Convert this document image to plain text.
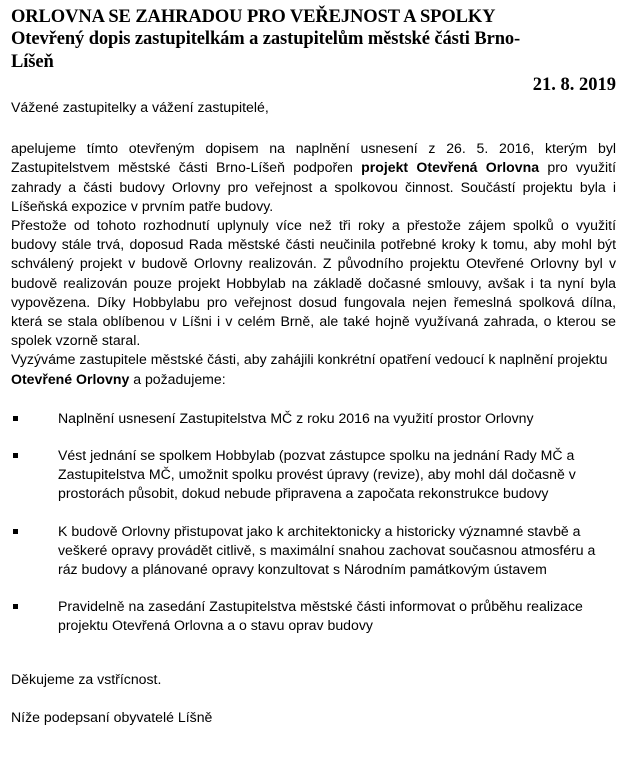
ORLOVNA SE ZAHRADOU PRO VEŘEJNOST A SPOLKY
Otevřený dopis zastupitelkám a zastupitelům městské části Brno-
Líšeň
21. 8. 2019

Vážené zastupitelky a vážení zastupitelé,

apelujeme tímto otevřeným dopisem na naplnění usnesení z 26. 5. 2016, kterým byl Zastupitelstvem městské části Brno-Líšeň podpořen projekt Otevřená Orlovna pro využití zahrady a části budovy Orlovny pro veřejnost a spolkovou činnost. Součástí projektu byla i Líšeňská expozice v prvním patře budovy.

Přestože od tohoto rozhodnutí uplynuly více než tři roky a přestože zájem spolků o využití budovy stále trvá, doposud Rada městské části neučinila potřebné kroky k tomu, aby mohl být schválený projekt v budově Orlovny realizován. Z původního projektu Otevřené Orlovny byl v budově realizován pouze projekt Hobbylab na základě dočasné smlouvy, avšak i ta nyní byla vypovězena. Díky Hobbylabu pro veřejnost dosud fungovala nejen řemeslná spolková dílna, která se stala oblíbenou v Líšni i v celém Brně, ale také hojně využívaná zahrada, o kterou se spolek vzorně staral.

Vyzýváme zastupitele městské části, aby zahájili konkrétní opatření vedoucí k naplnění projektu Otevřené Orlovny a požadujeme:

Naplnění usnesení Zastupitelstva MČ z roku 2016 na využití prostor Orlovny
Vést jednání se spolkem Hobbylab (pozvat zástupce spolku na jednání Rady MČ a Zastupitelstva MČ, umožnit spolku provést úpravy (revize), aby mohl dál dočasně v prostorách působit, dokud nebude připravena a započata rekonstrukce budovy
K budově Orlovny přistupovat jako k architektonicky a historicky významné stavbě a veškeré opravy provádět citlivě, s maximální snahou zachovat současnou atmosféru a ráz budovy a plánované opravy konzultovat s Národním památkovým ústavem
Pravidelně na zasedání Zastupitelstva městské části informovat o průběhu realizace projektu Otevřená Orlovna a o stavu oprav budovy

Děkujeme za vstřícnost.

Níže podepsaní obyvatelé Líšně
